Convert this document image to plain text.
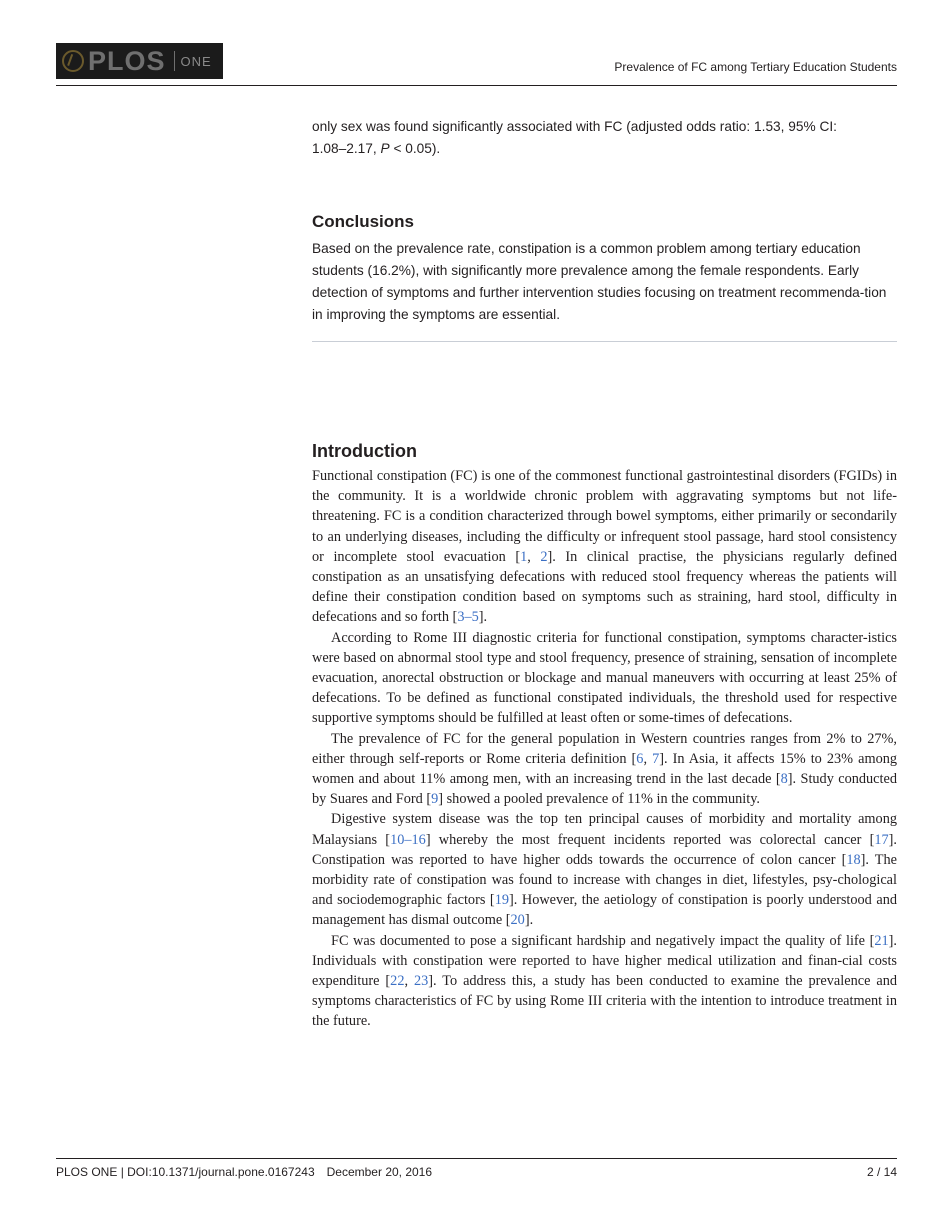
PLOS ONE	Prevalence of FC among Tertiary Education Students
only sex was found significantly associated with FC (adjusted odds ratio: 1.53, 95% CI:
1.08–2.17, P < 0.05).
Conclusions
Based on the prevalence rate, constipation is a common problem among tertiary education students (16.2%), with significantly more prevalence among the female respondents. Early detection of symptoms and further intervention studies focusing on treatment recommenda-tion in improving the symptoms are essential.
Introduction

Functional constipation (FC) is one of the commonest functional gastrointestinal disorders (FGIDs) in the community. It is a worldwide chronic problem with aggravating symptoms but not life-threatening. FC is a condition characterized through bowel symptoms, either primarily or secondarily to an underlying diseases, including the difficulty or infrequent stool passage, hard stool consistency or incomplete stool evacuation [1, 2]. In clinical practise, the physicians regularly defined constipation as an unsatisfying defecations with reduced stool frequency whereas the patients will define their constipation condition based on symptoms such as straining, hard stool, difficulty in defecations and so forth [3–5].

According to Rome III diagnostic criteria for functional constipation, symptoms character-istics were based on abnormal stool type and stool frequency, presence of straining, sensation of incomplete evacuation, anorectal obstruction or blockage and manual maneuvers with occurring at least 25% of defecations. To be defined as functional constipated individuals, the threshold used for respective supportive symptoms should be fulfilled at least often or some-times of defecations.

The prevalence of FC for the general population in Western countries ranges from 2% to 27%, either through self-reports or Rome criteria definition [6, 7]. In Asia, it affects 15% to 23% among women and about 11% among men, with an increasing trend in the last decade [8]. Study conducted by Suares and Ford [9] showed a pooled prevalence of 11% in the community.

Digestive system disease was the top ten principal causes of morbidity and mortality among Malaysians [10–16] whereby the most frequent incidents reported was colorectal cancer [17]. Constipation was reported to have higher odds towards the occurrence of colon cancer [18]. The morbidity rate of constipation was found to increase with changes in diet, lifestyles, psy-chological and sociodemographic factors [19]. However, the aetiology of constipation is poorly understood and management has dismal outcome [20].

FC was documented to pose a significant hardship and negatively impact the quality of life [21]. Individuals with constipation were reported to have higher medical utilization and finan-cial costs expenditure [22, 23]. To address this, a study has been conducted to examine the prevalence and symptoms characteristics of FC by using Rome III criteria with the intention to introduce treatment in the future.

PLOS ONE | DOI:10.1371/journal.pone.0167243 December 20, 2016	2 / 14
